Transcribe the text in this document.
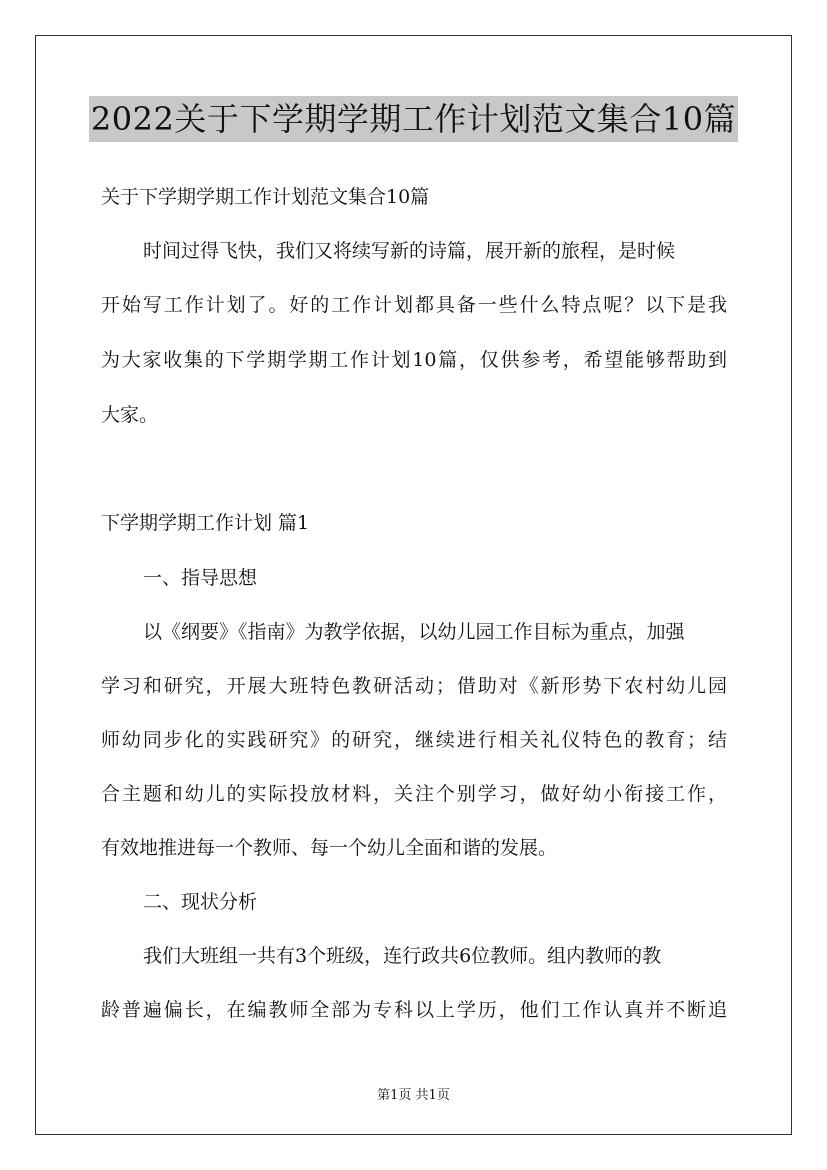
2022关于下学期学期工作计划范文集合10篇
关于下学期学期工作计划范文集合10篇
时间过得飞快，我们又将续写新的诗篇，展开新的旅程，是时候
开始写工作计划了。好的工作计划都具备一些什么特点呢？以下是我
为大家收集的下学期学期工作计划10篇，仅供参考，希望能够帮助到
大家。
下学期学期工作计划 篇1
一、指导思想
以《纲要》《指南》为教学依据，以幼儿园工作目标为重点，加强
学习和研究，开展大班特色教研活动；借助对《新形势下农村幼儿园
师幼同步化的实践研究》的研究，继续进行相关礼仪特色的教育；结
合主题和幼儿的实际投放材料，关注个别学习，做好幼小衔接工作，
有效地推进每一个教师、每一个幼儿全面和谐的发展。
二、现状分析
我们大班组一共有3个班级，连行政共6位教师。组内教师的教
龄普遍偏长，在编教师全部为专科以上学历，他们工作认真并不断追
第1页 共1页
